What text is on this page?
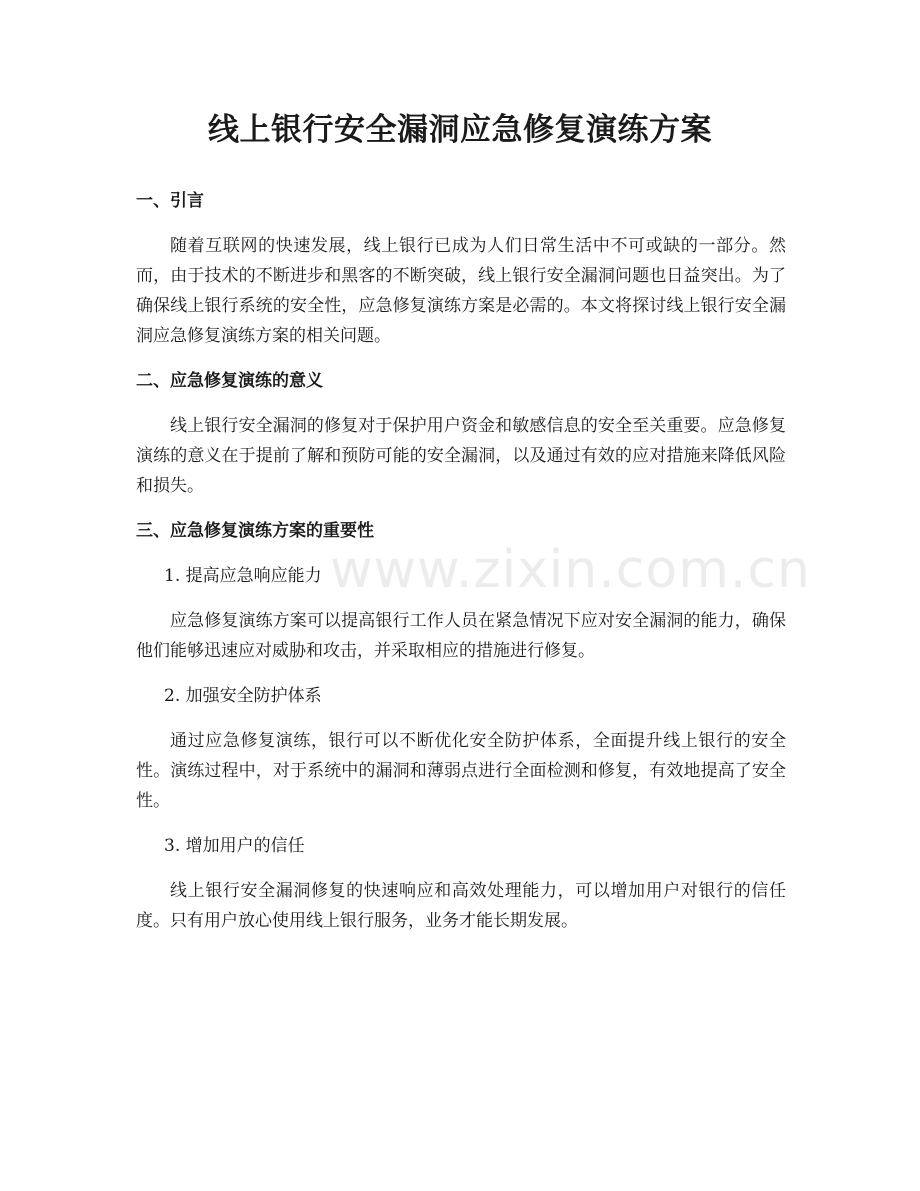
www.zixin.com.cn
线上银行安全漏洞应急修复演练方案
一、引言

随着互联网的快速发展，线上银行已成为人们日常生活中不可或缺的一部分。然而，由于技术的不断进步和黑客的不断突破，线上银行安全漏洞问题也日益突出。为了确保线上银行系统的安全性，应急修复演练方案是必需的。本文将探讨线上银行安全漏洞应急修复演练方案的相关问题。

二、应急修复演练的意义

线上银行安全漏洞的修复对于保护用户资金和敏感信息的安全至关重要。应急修复演练的意义在于提前了解和预防可能的安全漏洞，以及通过有效的应对措施来降低风险和损失。

三、应急修复演练方案的重要性

1. 提高应急响应能力

应急修复演练方案可以提高银行工作人员在紧急情况下应对安全漏洞的能力，确保他们能够迅速应对威胁和攻击，并采取相应的措施进行修复。

2. 加强安全防护体系

通过应急修复演练，银行可以不断优化安全防护体系，全面提升线上银行的安全性。演练过程中，对于系统中的漏洞和薄弱点进行全面检测和修复，有效地提高了安全性。

3. 增加用户的信任

线上银行安全漏洞修复的快速响应和高效处理能力，可以增加用户对银行的信任度。只有用户放心使用线上银行服务，业务才能长期发展。
